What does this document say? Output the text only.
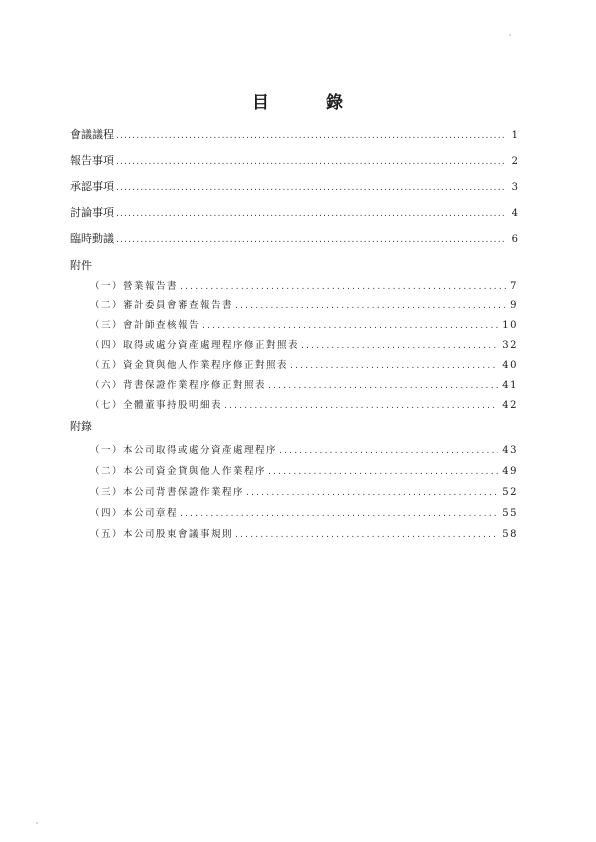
目	錄
會議議程 .....	1
報告事項 .....	2
承認事項 .....	3
討論事項 .....	4
臨時動議 .....	6
附件
（一）營業報告書 .....	7
（二）審計委員會審查報告書 .....	9
（三）會計師查核報告 .....	10
（四）取得或處分資產處理程序修正對照表 .....	32
（五）資金貸與他人作業程序修正對照表 .....	40
（六）背書保證作業程序修正對照表 .....	41
（七）全體董事持股明細表 .....	42
附錄
（一）本公司取得或處分資產處理程序 .....	43
（二）本公司資金貸與他人作業程序 .....	49
（三）本公司背書保證作業程序 .....	52
（四）本公司章程 .....	55
（五）本公司股東會議事規則 .....	58
